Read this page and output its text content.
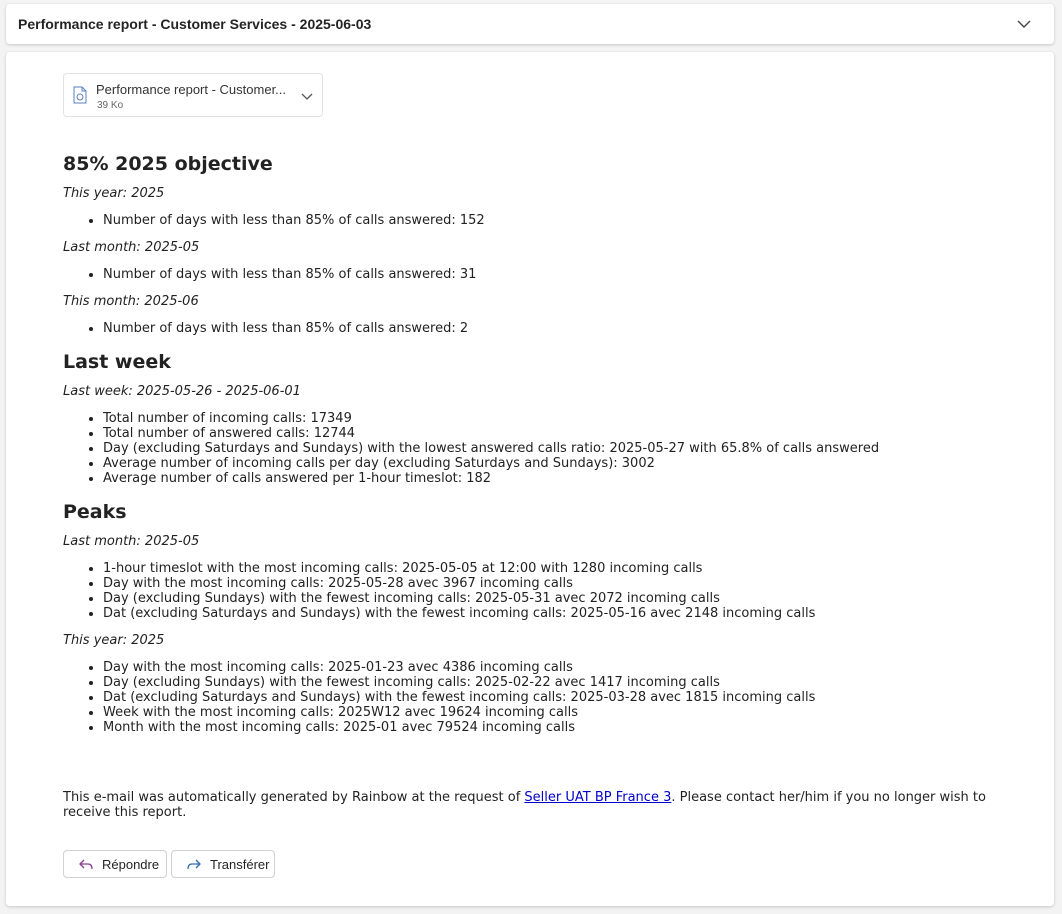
Performance report - Customer Services - 2025-06-03
Performance report - Customer...
39 Ko
85% 2025 objective

This year: 2025

• Number of days with less than 85% of calls answered: 152

Last month: 2025-05

• Number of days with less than 85% of calls answered: 31

This month: 2025-06

• Number of days with less than 85% of calls answered: 2
Last week

Last week: 2025-05-26 - 2025-06-01

• Total number of incoming calls: 17349
• Total number of answered calls: 12744
• Day (excluding Saturdays and Sundays) with the lowest answered calls ratio: 2025-05-27 with 65.8% of calls answered
• Average number of incoming calls per day (excluding Saturdays and Sundays): 3002
• Average number of calls answered per 1-hour timeslot: 182
Peaks

Last month: 2025-05

• 1-hour timeslot with the most incoming calls: 2025-05-05 at 12:00 with 1280 incoming calls
• Day with the most incoming calls: 2025-05-28 avec 3967 incoming calls
• Day (excluding Sundays) with the fewest incoming calls: 2025-05-31 avec 2072 incoming calls
• Dat (excluding Saturdays and Sundays) with the fewest incoming calls: 2025-05-16 avec 2148 incoming calls

This year: 2025

• Day with the most incoming calls: 2025-01-23 avec 4386 incoming calls
• Day (excluding Sundays) with the fewest incoming calls: 2025-02-22 avec 1417 incoming calls
• Dat (excluding Saturdays and Sundays) with the fewest incoming calls: 2025-03-28 avec 1815 incoming calls
• Week with the most incoming calls: 2025W12 avec 19624 incoming calls
• Month with the most incoming calls: 2025-01 avec 79524 incoming calls
This e-mail was automatically generated by Rainbow at the request of Seller UAT BP France 3. Please contact her/him if you no longer wish to receive this report.
Répondre	Transférer
